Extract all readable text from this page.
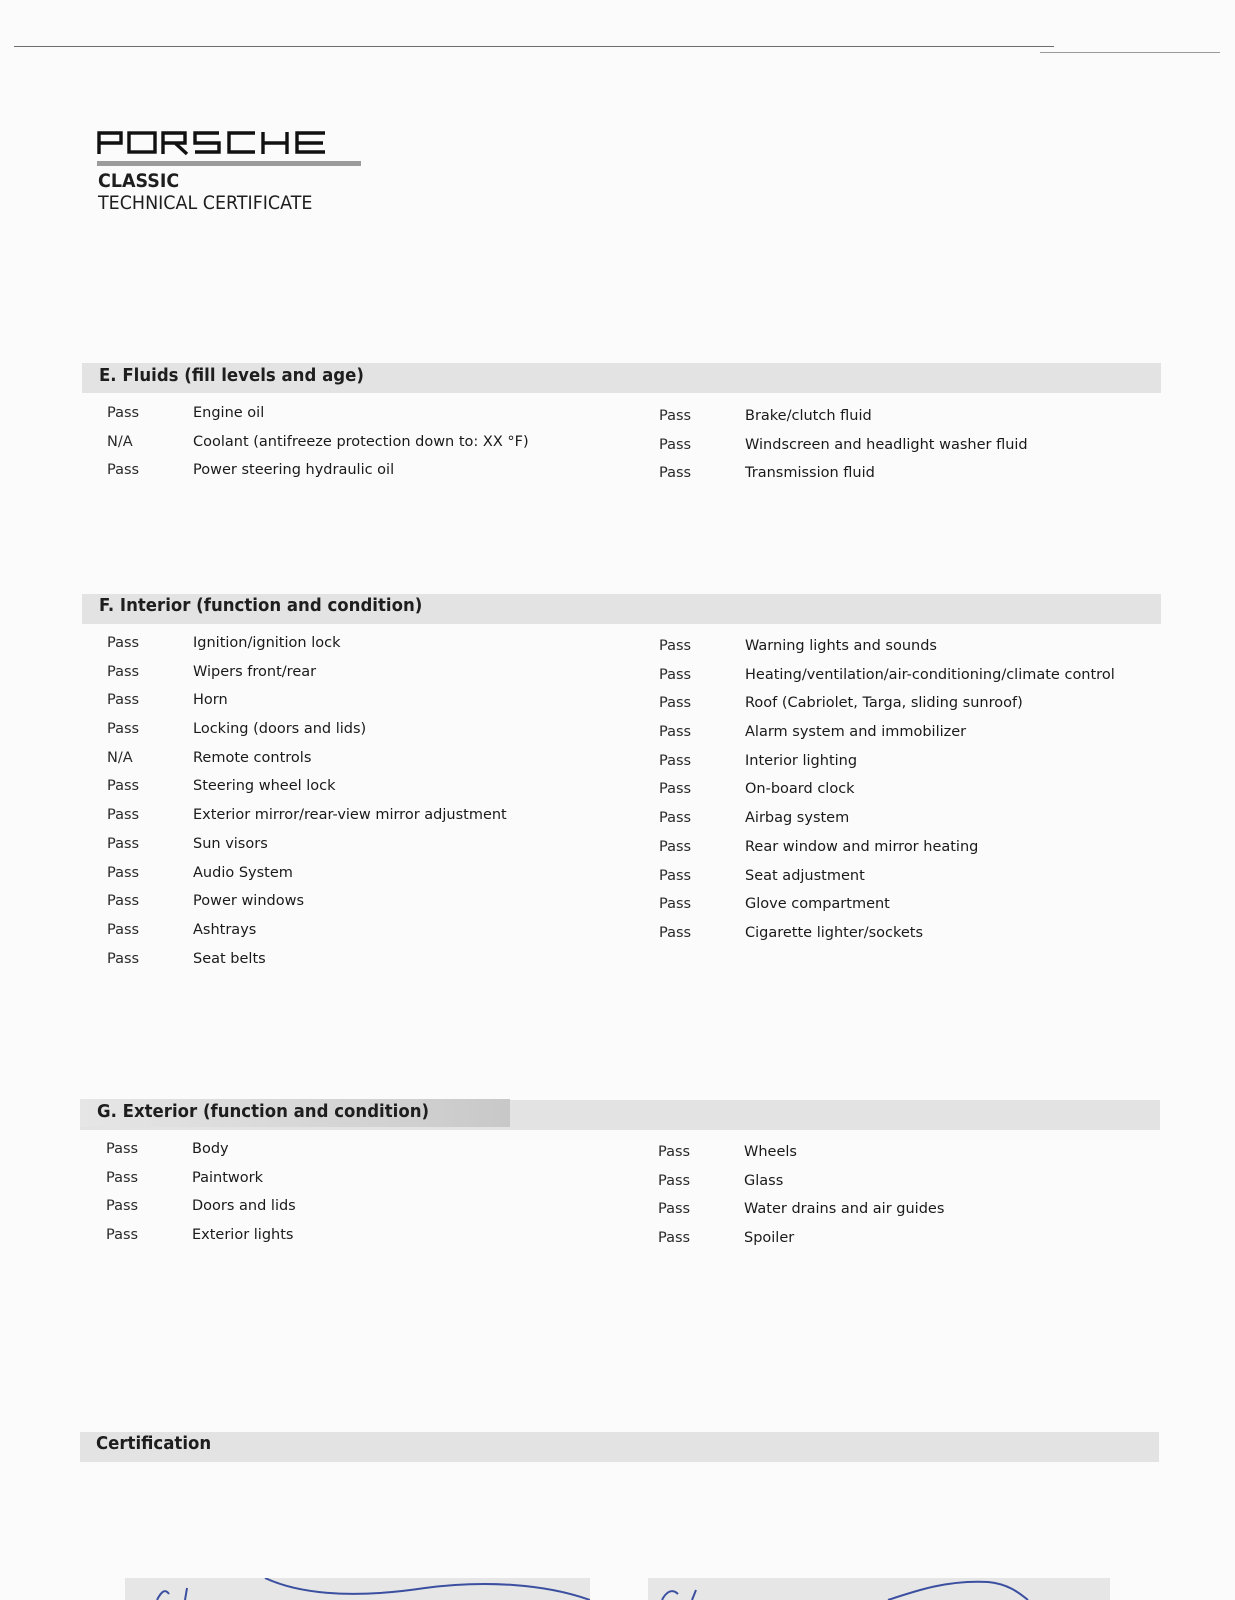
CLASSIC
TECHNICAL CERTIFICATE
E. Fluids (fill levels and age)
Pass	Engine oil
N/A	Coolant (antifreeze protection down to: XX °F)
Pass	Power steering hydraulic oil
Pass	Brake/clutch fluid
Pass	Windscreen and headlight washer fluid
Pass	Transmission fluid
F. Interior (function and condition)
Pass	Ignition/ignition lock
Pass	Wipers front/rear
Pass	Horn
Pass	Locking (doors and lids)
N/A	Remote controls
Pass	Steering wheel lock
Pass	Exterior mirror/rear-view mirror adjustment
Pass	Sun visors
Pass	Audio System
Pass	Power windows
Pass	Ashtrays
Pass	Seat belts
Pass	Warning lights and sounds
Pass	Heating/ventilation/air-conditioning/climate control
Pass	Roof (Cabriolet, Targa, sliding sunroof)
Pass	Alarm system and immobilizer
Pass	Interior lighting
Pass	On-board clock
Pass	Airbag system
Pass	Rear window and mirror heating
Pass	Seat adjustment
Pass	Glove compartment
Pass	Cigarette lighter/sockets
G. Exterior (function and condition)
Pass	Body
Pass	Paintwork
Pass	Doors and lids
Pass	Exterior lights
Pass	Wheels
Pass	Glass
Pass	Water drains and air guides
Pass	Spoiler
Certification
